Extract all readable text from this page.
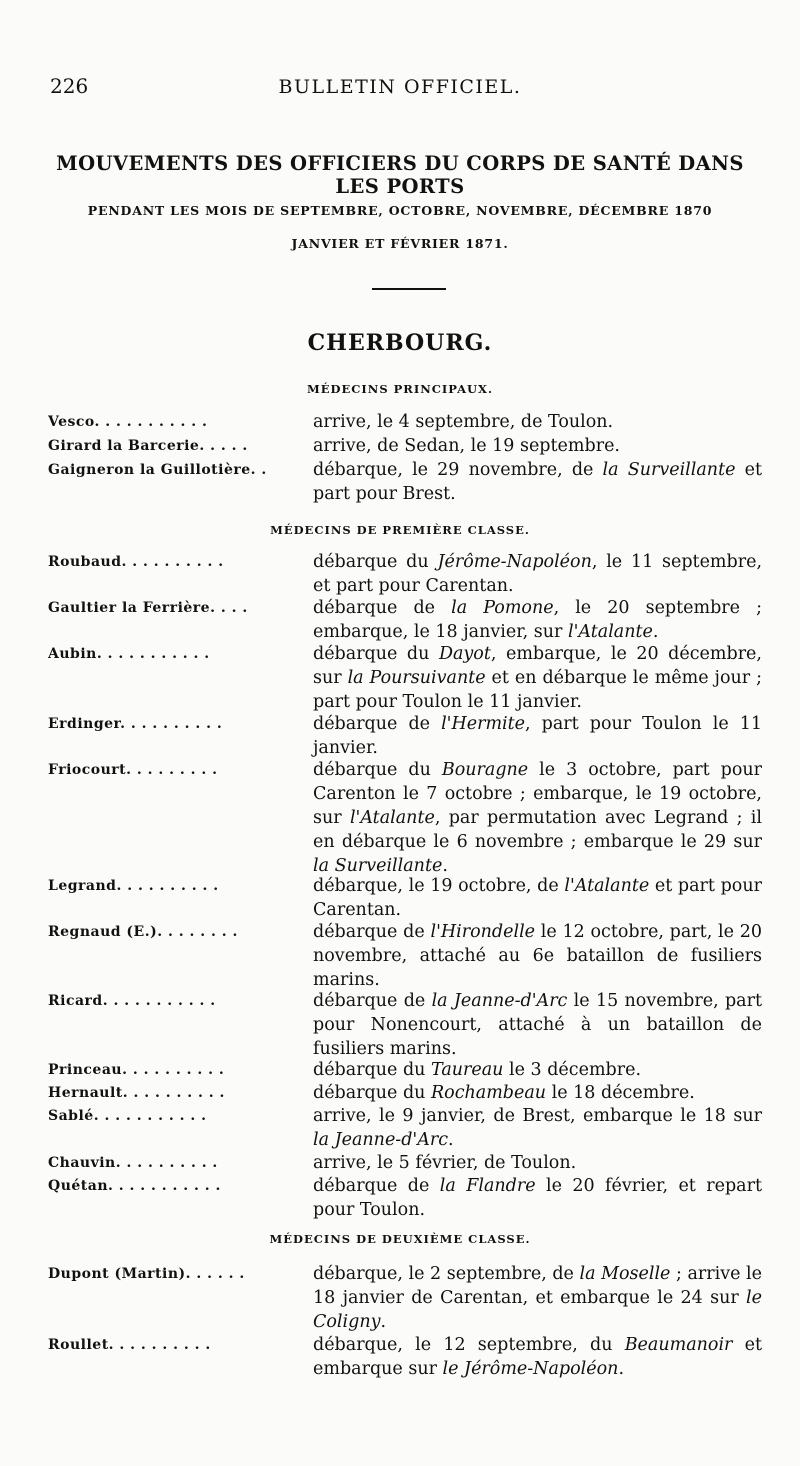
226	BULLETIN OFFICIEL.
MOUVEMENTS DES OFFICIERS DU CORPS DE SANTÉ DANS LES PORTS
PENDANT LES MOIS DE SEPTEMBRE, OCTOBRE, NOVEMBRE, DÉCEMBRE 1870
JANVIER ET FÉVRIER 1871.
CHERBOURG.
MÉDECINS PRINCIPAUX.
Vesco. . . . . . . . . . .	arrive, le 4 septembre, de Toulon.
Girard la Barcerie. . . . .	arrive, de Sedan, le 19 septembre.
Gaigneron la Guillotière. .	débarque, le 29 novembre, de la Surveillante et part pour Brest.
MÉDECINS DE PREMIÈRE CLASSE.
Roubaud. . . . . . . . . .	débarque du Jérôme-Napoléon, le 11 septembre, et part pour Carentan.
Gaultier la Ferrière. . . .	débarque de la Pomone, le 20 septembre ; embarque, le 18 janvier, sur l'Atalante.
Aubin. . . . . . . . . . .	débarque du Dayot, embarque, le 20 décembre, sur la Poursuivante et en débarque le même jour ; part pour Toulon le 11 janvier.
Erdinger. . . . . . . . . .	débarque de l'Hermite, part pour Toulon le 11 janvier.
Friocourt. . . . . . . . .	débarque du Bouragne le 3 octobre, part pour Carenton le 7 octobre ; embarque, le 19 octobre, sur l'Atalante, par permutation avec Legrand ; il en débarque le 6 novembre ; embarque le 29 sur la Surveillante.
Legrand. . . . . . . . . .	débarque, le 19 octobre, de l'Atalante et part pour Carentan.
Regnaud (E.). . . . . . . .	débarque de l'Hirondelle le 12 octobre, part, le 20 novembre, attaché au 6e bataillon de fusiliers marins.
Ricard. . . . . . . . . . .	débarque de la Jeanne-d'Arc le 15 novembre, part pour Nonencourt, attaché à un bataillon de fusiliers marins.
Princeau. . . . . . . . . .	débarque du Taureau le 3 décembre.
Hernault. . . . . . . . . .	débarque du Rochambeau le 18 décembre.
Sablé. . . . . . . . . . .	arrive, le 9 janvier, de Brest, embarque le 18 sur la Jeanne-d'Arc.
Chauvin. . . . . . . . . .	arrive, le 5 février, de Toulon.
Quétan. . . . . . . . . . .	débarque de la Flandre le 20 février, et repart pour Toulon.
MÉDECINS DE DEUXIÈME CLASSE.
Dupont (Martin). . . . . .	débarque, le 2 septembre, de la Moselle ; arrive le 18 janvier de Carentan, et embarque le 24 sur le Coligny.
Roullet. . . . . . . . . .	débarque, le 12 septembre, du Beaumanoir et embarque sur le Jérôme-Napoléon.
